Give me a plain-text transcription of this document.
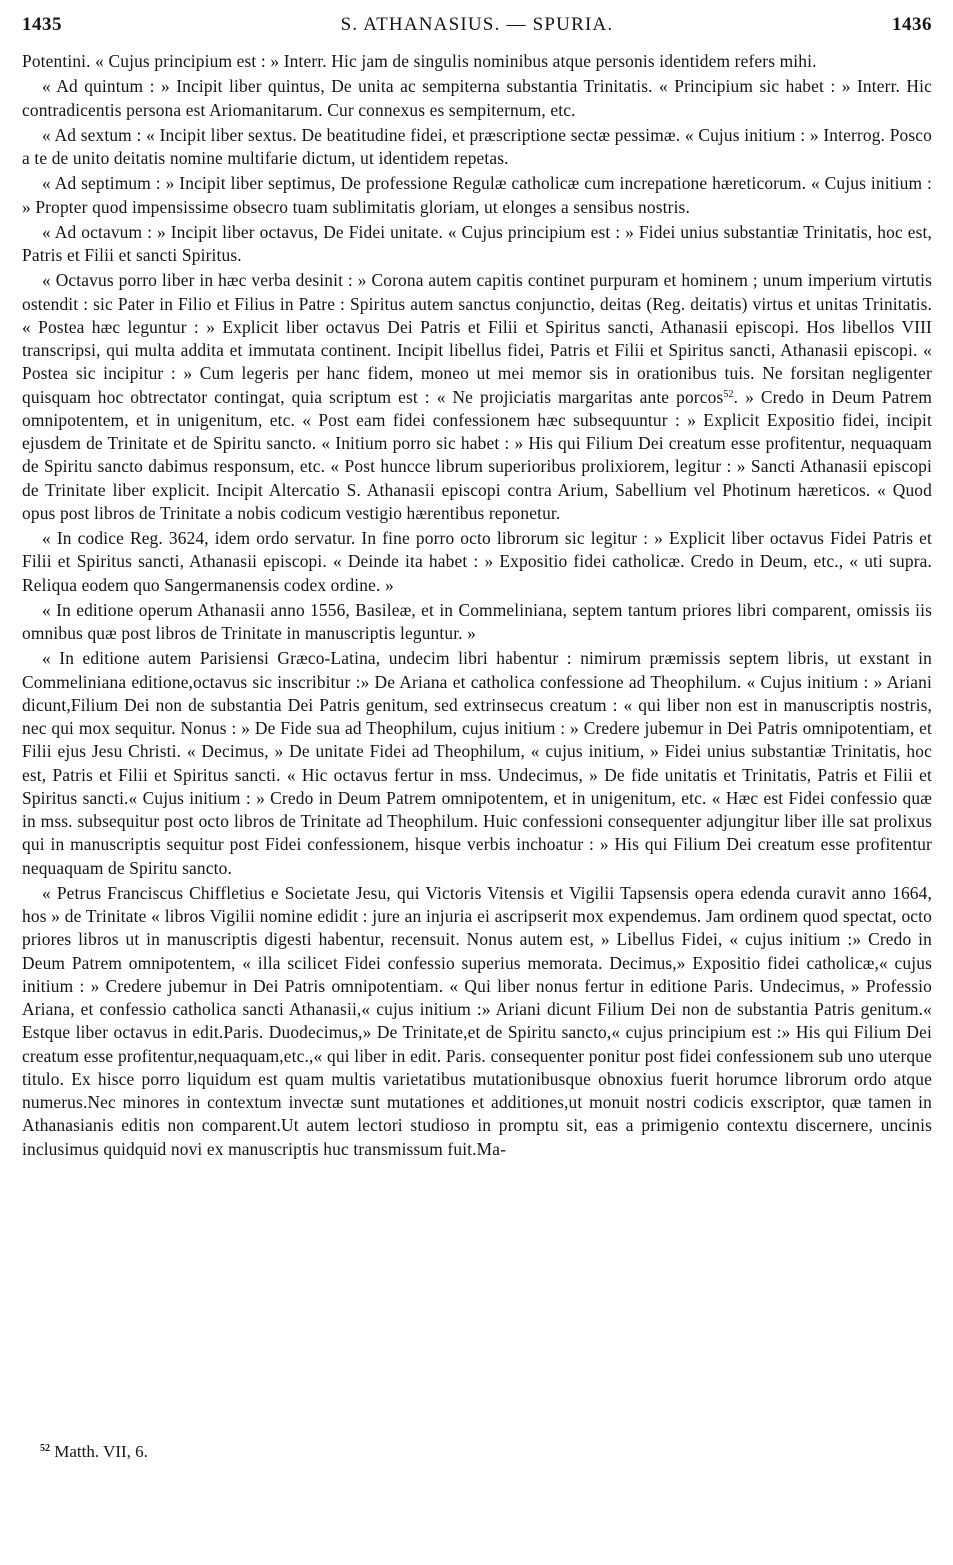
1435	S. ATHANASIUS. — SPURIA.	1436

Potentini. « Cujus principium est : » Interr. Hic jam de singulis nominibus atque personis identidem refers mihi.

« Ad quintum : » Incipit liber quintus, De unita ac sempiterna substantia Trinitatis. « Principium sic habet : » Interr. Hic contradicentis persona est Ariomanitarum. Cur connexus es sempiternum, etc.

« Ad sextum : « Incipit liber sextus. De beatitudine fidei, et præscriptione sectæ pessimæ. « Cujus initium : » Interrog. Posco a te de unito deitatis nomine multifarie dictum, ut identidem repetas.

« Ad septimum : » Incipit liber septimus, De professione Regulæ catholicæ cum increpatione hæreticorum. « Cujus initium : » Propter quod impensissime obsecro tuam sublimitatis gloriam, ut elonges a sensibus nostris.

« Ad octavum : » Incipit liber octavus, De Fidei unitate. « Cujus principium est : » Fidei unius substantiæ Trinitatis, hoc est, Patris et Filii et sancti Spiritus.

« Octavus porro liber in hæc verba desinit : » Corona autem capitis continet purpuram et hominem ; unum imperium virtutis ostendit : sic Pater in Filio et Filius in Patre : Spiritus autem sanctus conjunctio, deitas (Reg. deitatis) virtus et unitas Trinitatis. « Postea hæc leguntur : » Explicit liber octavus Dei Patris et Filii et Spiritus sancti, Athanasii episcopi. Hos libellos VIII transcripsi, qui multa addita et immutata continent. Incipit libellus fidei, Patris et Filii et Spiritus sancti, Athanasii episcopi. « Postea sic incipitur : » Cum legeris per hanc fidem, moneo ut mei memor sis in orationibus tuis. Ne forsitan negligenter quisquam hoc obtrectator contingat, quia scriptum est : « Ne projiciatis margaritas ante porcos$^{52}$. » Credo in Deum Patrem omnipotentem, et in unigenitum, etc. « Post eam fidei confessionem hæc subsequuntur : » Explicit Expositio fidei, incipit ejusdem de Trinitate et de Spiritu sancto. « Initium porro sic habet : » His qui Filium Dei creatum esse profitentur, nequaquam de Spiritu sancto dabimus responsum, etc. « Post huncce librum superioribus prolixiorem, legitur : » Sancti Athanasii episcopi de Trinitate liber explicit. Incipit Altercatio S. Athanasii episcopi contra Arium, Sabellium vel Photinum hæreticos. « Quod opus post libros de Trinitate a nobis codicum vestigio hærentibus reponetur.

« In codice Reg. 3624, idem ordo servatur. In fine porro octo librorum sic legitur : » Explicit liber octavus Fidei Patris et Filii et Spiritus sancti, Athanasii episcopi. « Deinde ita habet : » Expositio fidei catholicæ. Credo in Deum, etc., « uti supra. Reliqua eodem quo Sangermanensis codex ordine. »

« In editione operum Athanasii anno 1556, Basileæ, et in Commeliniana, septem tantum priores libri comparent, omissis iis omnibus quæ post libros de Trinitate in manuscriptis leguntur. »

« In editione autem Parisiensi Græco-Latina, undecim libri habentur : nimirum præmissis septem libris, ut exstant in Commeliniana editione,octavus sic inscribitur :» De Ariana et catholica confessione ad Theophilum. « Cujus initium : » Ariani dicunt,Filium Dei non de substantia Dei Patris genitum, sed extrinsecus creatum : « qui liber non est in manuscriptis nostris, nec qui mox sequitur. Nonus : » De Fide sua ad Theophilum, cujus initium : » Credere jubemur in Dei Patris omnipotentiam, et Filii ejus Jesu Christi. « Decimus, » De unitate Fidei ad Theophilum, « cujus initium, » Fidei unius substantiæ Trinitatis, hoc est, Patris et Filii et Spiritus sancti. « Hic octavus fertur in mss. Undecimus, » De fide unitatis et Trinitatis, Patris et Filii et Spiritus sancti.« Cujus initium : » Credo in Deum Patrem omnipotentem, et in unigenitum, etc. « Hæc est Fidei confessio quæ in mss. subsequitur post octo libros de Trinitate ad Theophilum. Huic confessioni consequenter adjungitur liber ille sat prolixus qui in manuscriptis sequitur post Fidei confessionem, hisque verbis inchoatur : » His qui Filium Dei creatum esse profitentur nequaquam de Spiritu sancto.

« Petrus Franciscus Chiffletius e Societate Jesu, qui Victoris Vitensis et Vigilii Tapsensis opera edenda curavit anno 1664, hos » de Trinitate « libros Vigilii nomine edidit : jure an injuria ei ascripserit mox expendemus. Jam ordinem quod spectat, octo priores libros ut in manuscriptis digesti habentur, recensuit. Nonus autem est, » Libellus Fidei, « cujus initium :» Credo in Deum Patrem omnipotentem, « illa scilicet Fidei confessio superius memorata. Decimus,» Expositio fidei catholicæ,« cujus initium : » Credere jubemur in Dei Patris omnipotentiam. « Qui liber nonus fertur in editione Paris. Undecimus, » Professio Ariana, et confessio catholica sancti Athanasii,« cujus initium :» Ariani dicunt Filium Dei non de substantia Patris genitum.« Estque liber octavus in edit.Paris. Duodecimus,» De Trinitate,et de Spiritu sancto,« cujus principium est :» His qui Filium Dei creatum esse profitentur,nequaquam,etc.,« qui liber in edit. Paris. consequenter ponitur post fidei confessionem sub uno uterque titulo. Ex hisce porro liquidum est quam multis varietatibus mutationibusque obnoxius fuerit horumce librorum ordo atque numerus.Nec minores in contextum invectæ sunt mutationes et additiones,ut monuit nostri codicis exscriptor, quæ tamen in Athanasianis editis non comparent.Ut autem lectori studioso in promptu sit, eas a primigenio contextu discernere, uncinis inclusimus quidquid novi ex manuscriptis huc transmissum fuit.Ma-

$^{52}$ Matth. VII, 6.
